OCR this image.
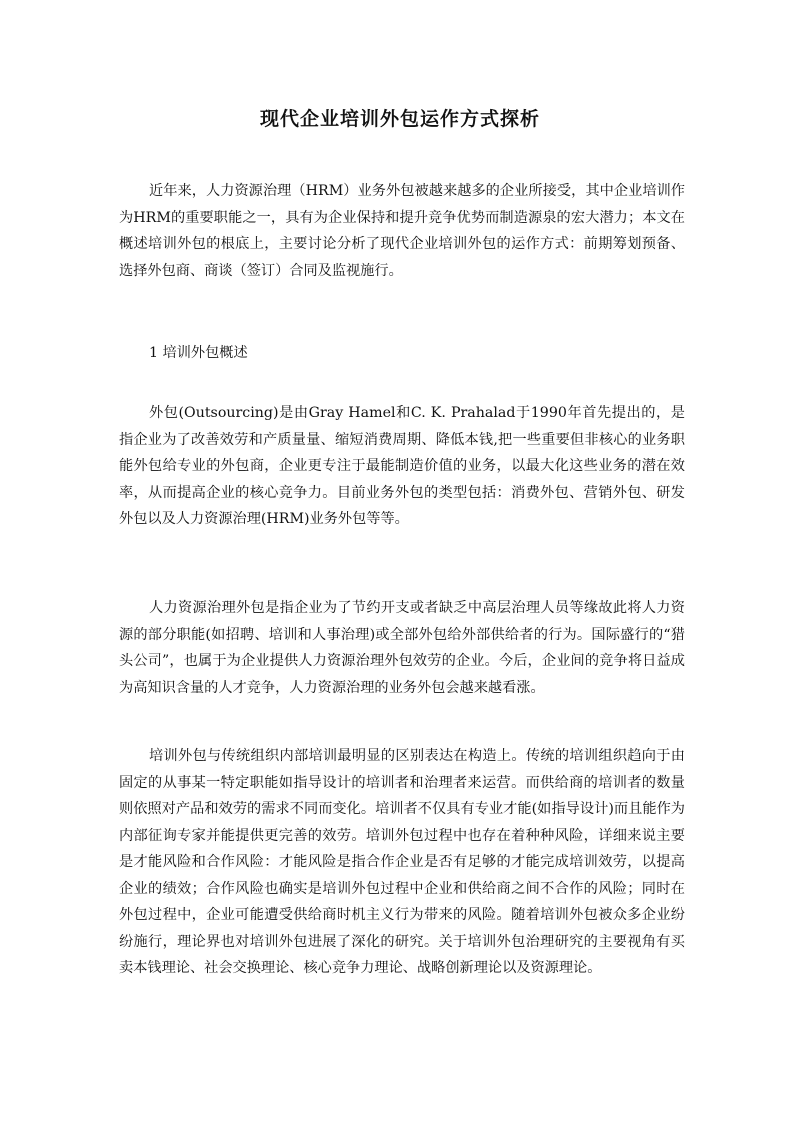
现代企业培训外包运作方式探析

近年来，人力资源治理（HRM）业务外包被越来越多的企业所接受，其中企业培训作为HRM的重要职能之一，具有为企业保持和提升竞争优势而制造源泉的宏大潜力；本文在概述培训外包的根底上，主要讨论分析了现代企业培训外包的运作方式：前期筹划预备、选择外包商、商谈（签订）合同及监视施行。

1 培训外包概述

外包(Outsourcing)是由Gray Hamel和C. K. Prahalad于1990年首先提出的，是指企业为了改善效劳和产质量量、缩短消费周期、降低本钱,把一些重要但非核心的业务职能外包给专业的外包商，企业更专注于最能制造价值的业务，以最大化这些业务的潜在效率，从而提高企业的核心竞争力。目前业务外包的类型包括：消费外包、营销外包、研发外包以及人力资源治理(HRM)业务外包等等。

人力资源治理外包是指企业为了节约开支或者缺乏中高层治理人员等缘故此将人力资源的部分职能(如招聘、培训和人事治理)或全部外包给外部供给者的行为。国际盛行的“猎头公司”，也属于为企业提供人力资源治理外包效劳的企业。今后，企业间的竞争将日益成为高知识含量的人才竞争，人力资源治理的业务外包会越来越看涨。

培训外包与传统组织内部培训最明显的区别表达在构造上。传统的培训组织趋向于由固定的从事某一特定职能如指导设计的培训者和治理者来运营。而供给商的培训者的数量则依照对产品和效劳的需求不同而变化。培训者不仅具有专业才能(如指导设计)而且能作为内部征询专家并能提供更完善的效劳。培训外包过程中也存在着种种风险，详细来说主要是才能风险和合作风险：才能风险是指合作企业是否有足够的才能完成培训效劳，以提高企业的绩效；合作风险也确实是培训外包过程中企业和供给商之间不合作的风险；同时在外包过程中，企业可能遭受供给商时机主义行为带来的风险。随着培训外包被众多企业纷纷施行，理论界也对培训外包进展了深化的研究。关于培训外包治理研究的主要视角有买卖本钱理论、社会交换理论、核心竞争力理论、战略创新理论以及资源理论。
